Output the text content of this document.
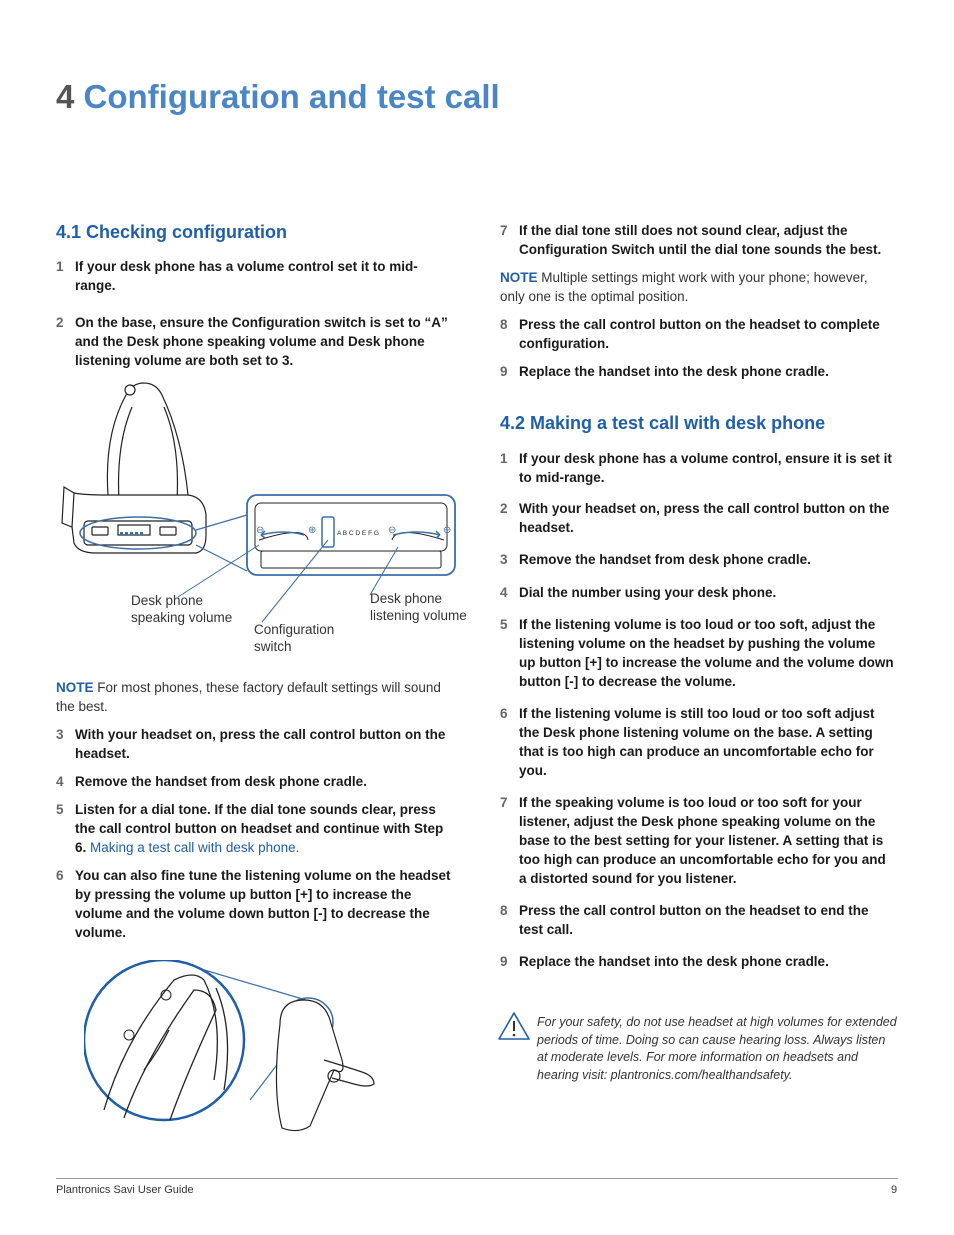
4 Configuration and test call
4.1 Checking configuration

1 If your desk phone has a volume control set it to mid-range.

2 On the base, ensure the Configuration switch is set to “A” and the Desk phone speaking volume and Desk phone listening volume are both set to 3.

⊖	⊕	⊖	⊕
A B C D E F G
Desk phone
speaking volume
Configuration
switch
Desk phone
listening volume

NOTE For most phones, these factory default settings will sound the best.

3 With your headset on, press the call control button on the headset.

4 Remove the handset from desk phone cradle.

5 Listen for a dial tone. If the dial tone sounds clear, press the call control button on headset and continue with Step 6. Making a test call with desk phone.

6 You can also fine tune the listening volume on the headset by pressing the volume up button [+] to increase the volume and the volume down button [-] to decrease the volume.

7 If the dial tone still does not sound clear, adjust the Configuration Switch until the dial tone sounds the best.

NOTE Multiple settings might work with your phone; however, only one is the optimal position.

8 Press the call control button on the headset to complete configuration.

9 Replace the handset into the desk phone cradle.

4.2 Making a test call with desk phone

1 If your desk phone has a volume control, ensure it is set it to mid-range.

2 With your headset on, press the call control button on the headset.

3 Remove the handset from desk phone cradle.

4 Dial the number using your desk phone.

5 If the listening volume is too loud or too soft, adjust the listening volume on the headset by pushing the volume up button [+] to increase the volume and the volume down button [-] to decrease the volume.

6 If the listening volume is still too loud or too soft adjust the Desk phone listening volume on the base. A setting that is too high can produce an uncomfortable echo for you.

7 If the speaking volume is too loud or too soft for your listener, adjust the Desk phone speaking volume on the base to the best setting for your listener. A setting that is too high can produce an uncomfortable echo for you and a distorted sound for you listener.

8 Press the call control button on the headset to end the test call.

9 Replace the handset into the desk phone cradle.

For your safety, do not use headset at high volumes for extended periods of time. Doing so can cause hearing loss. Always listen at moderate levels. For more information on headsets and hearing visit: plantronics.com/healthandsafety.
Plantronics Savi User Guide	9
